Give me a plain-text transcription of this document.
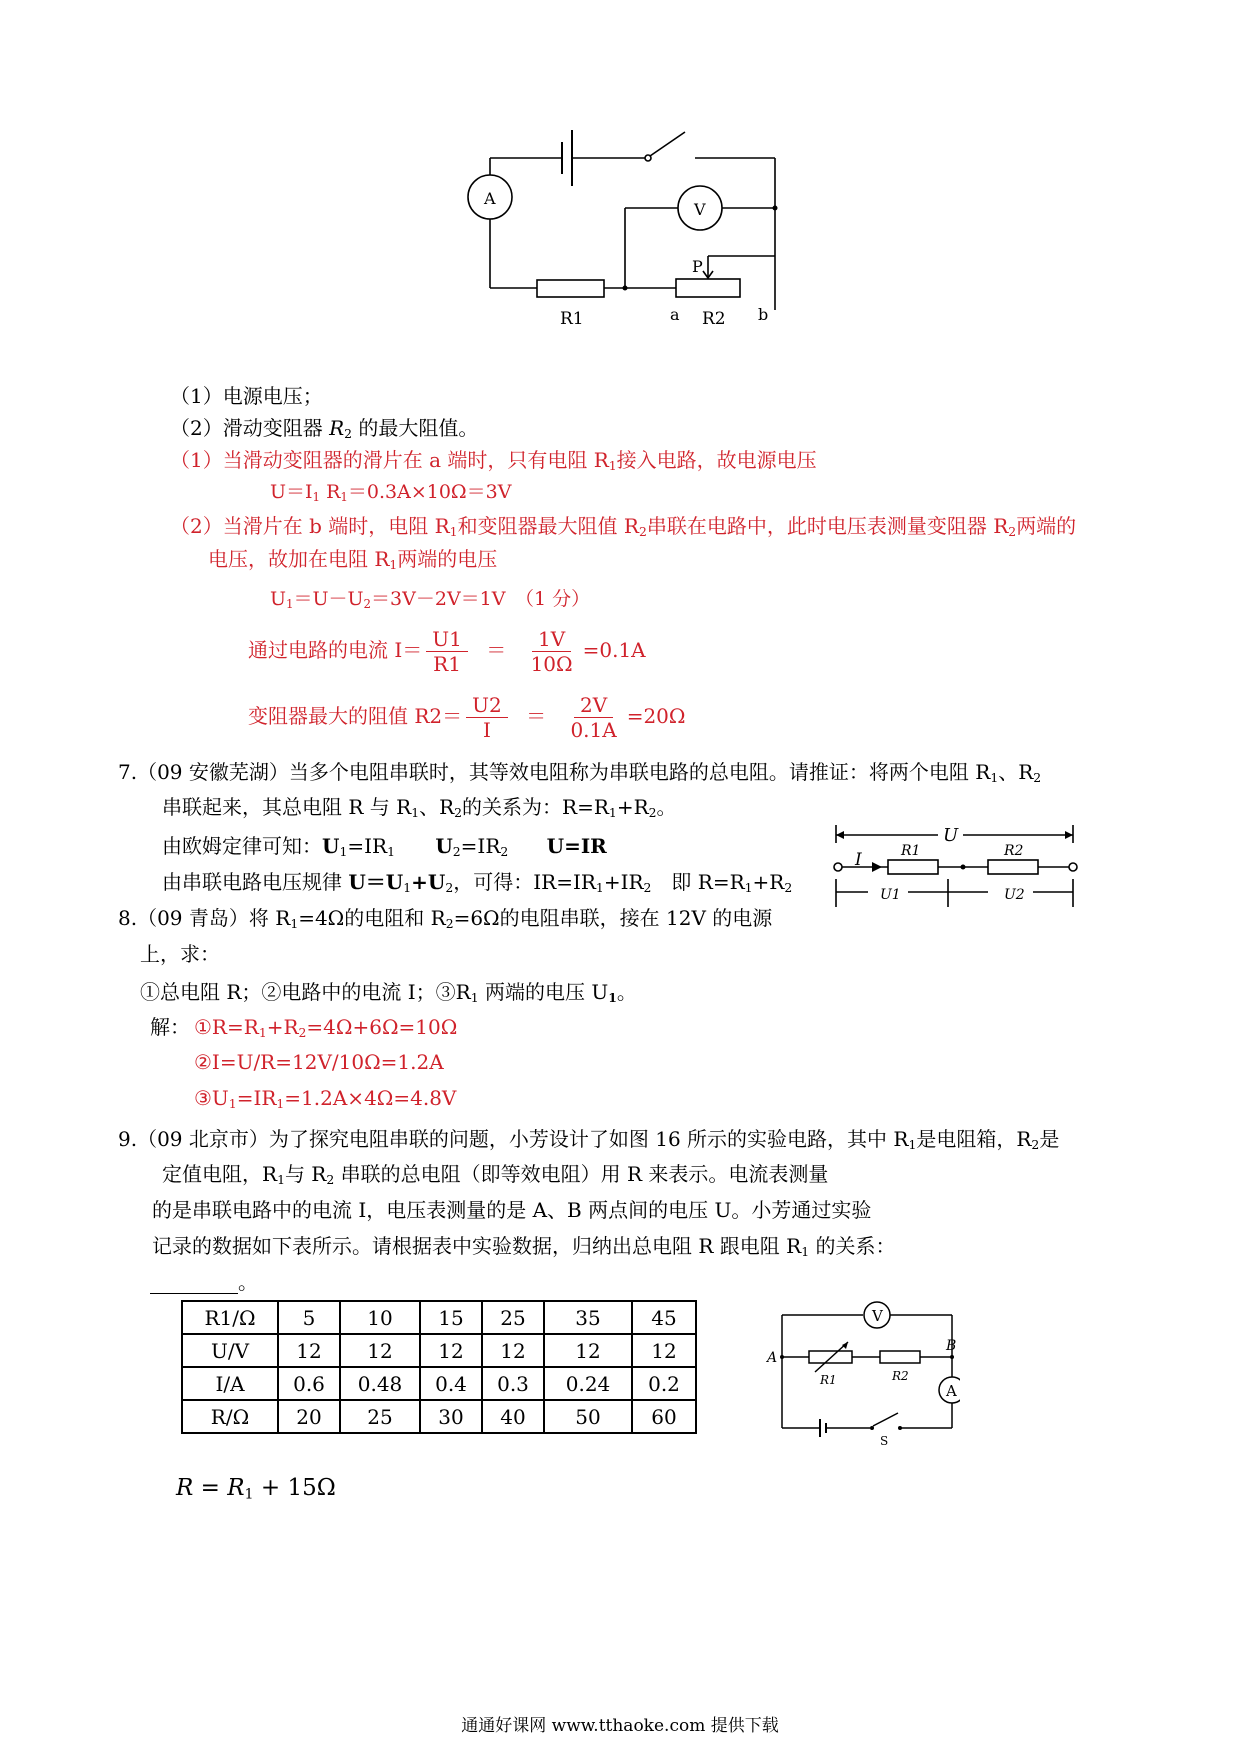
A
V
P
R1	a R2 b
（1）电源电压；
（2）滑动变阻器 $R_2$ 的最大阻值。
（1）当滑动变阻器的滑片在 a 端时，只有电阻 $R_1$接入电路，故电源电压
$U=I_1$ $R_1=0.3A\times 10\Omega=3V$
（2）当滑片在 b 端时，电阻 $R_1$和变阻器最大阻值 $R_2$串联在电路中，此时电压表测量变阻器 $R_2$两端的
电压，故加在电阻 $R_1$两端的电压
$U_1=U-U_2=3V-2V=1V$　（1 分）
通过电路的电流 $I= \frac{U1}{R1} = \frac{1V}{10\Omega} =0.1A$
变阻器最大的阻值 $R2= \frac{U2}{I} = \frac{2V}{0.1A} =20\Omega$
7.（09 安徽芜湖）当多个电阻串联时，其等效电阻称为串联电路的总电阻。请推证：将两个电阻 $R_1$、$R_2$
串联起来，其总电阻 R 与 $R_1$、$R_2$的关系为：$R=R_1+R_2$。
由欧姆定律可知：$U_1=IR_1$ $U_2=IR_2$ U=IR
由串联电路电压规律 $U=U_1+U_2$，可得：$IR=IR_1+IR_2$　即 $R=R_1+R_2$
U
I	R1	R2
U1	U2
8.（09 青岛）将 $R_1=4\Omega$的电阻和 $R_2=6\Omega$的电阻串联，接在 12V 的电源
上，求：
①总电阻 R；②电路中的电流 I；$③R_1$ 两端的电压 $U_1$。
解： $①R=R_1+R_2=4\Omega+6\Omega=10\Omega$
②I=U/R=12V/10Ω=1.2A
$③U_1=IR_1=1.2A\times 4\Omega=4.8V$
9.（09 北京市）为了探究电阻串联的问题，小芳设计了如图 16 所示的实验电路，其中 $R_1$是电阻箱，$R_2$是
定值电阻，$R_1$与 $R_2$ 串联的总电阻（即等效电阻）用 R 来表示。电流表测量
的是串联电路中的电流 I，电压表测量的是 A、B 两点间的电压 U。小芳通过实验
记录的数据如下表所示。请根据表中实验数据，归纳出总电阻 R 跟电阻 $R_1$ 的关系：
。
R1/Ω	5	10	15	25	35	45
U/V	12	12	12	12	12	12
I/A	0.6	0.48	0.4	0.3	0.24	0.2
R/Ω	20	25	30	40	50	60
V
A
A
B
R1	R2
S
$R = R_1 + 15\Omega$
通通好课网 www.tthaoke.com 提供下载
